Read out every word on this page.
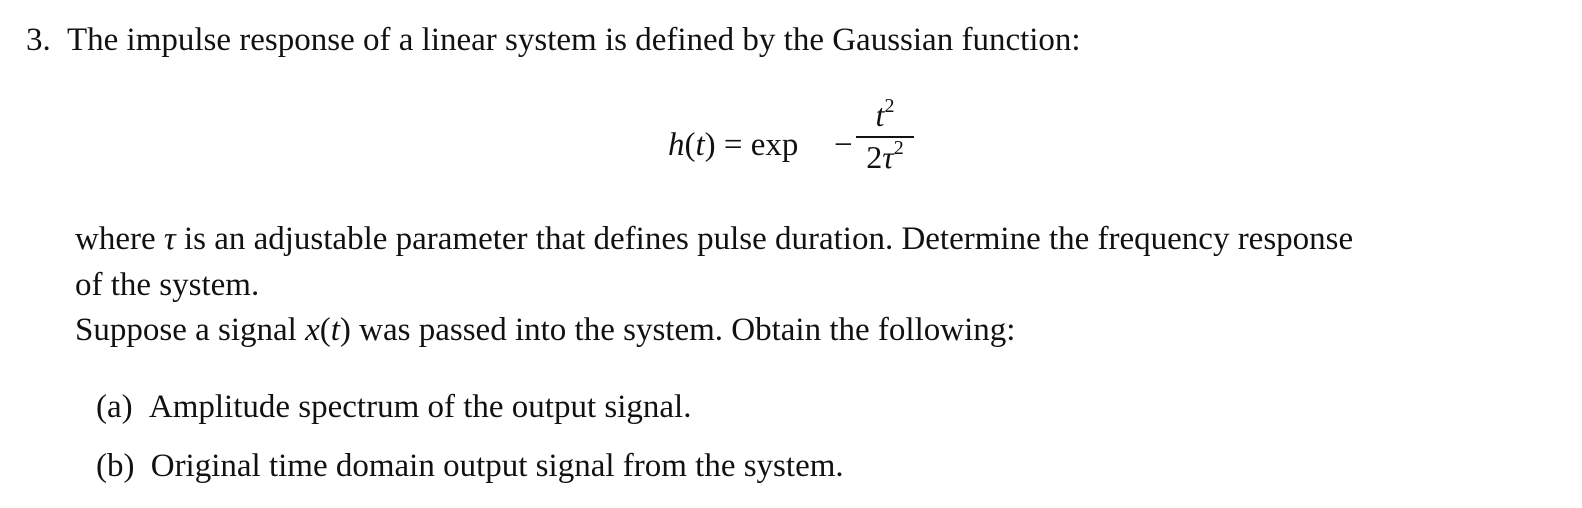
3. The impulse response of a linear system is defined by the Gaussian function:
h(t) = exp −
$t^2$
$2\tau^2$
where τ is an adjustable parameter that defines pulse duration. Determine the frequency response
of the system.
Suppose a signal x(t) was passed into the system. Obtain the following:
(a) Amplitude spectrum of the output signal.
(b) Original time domain output signal from the system.
